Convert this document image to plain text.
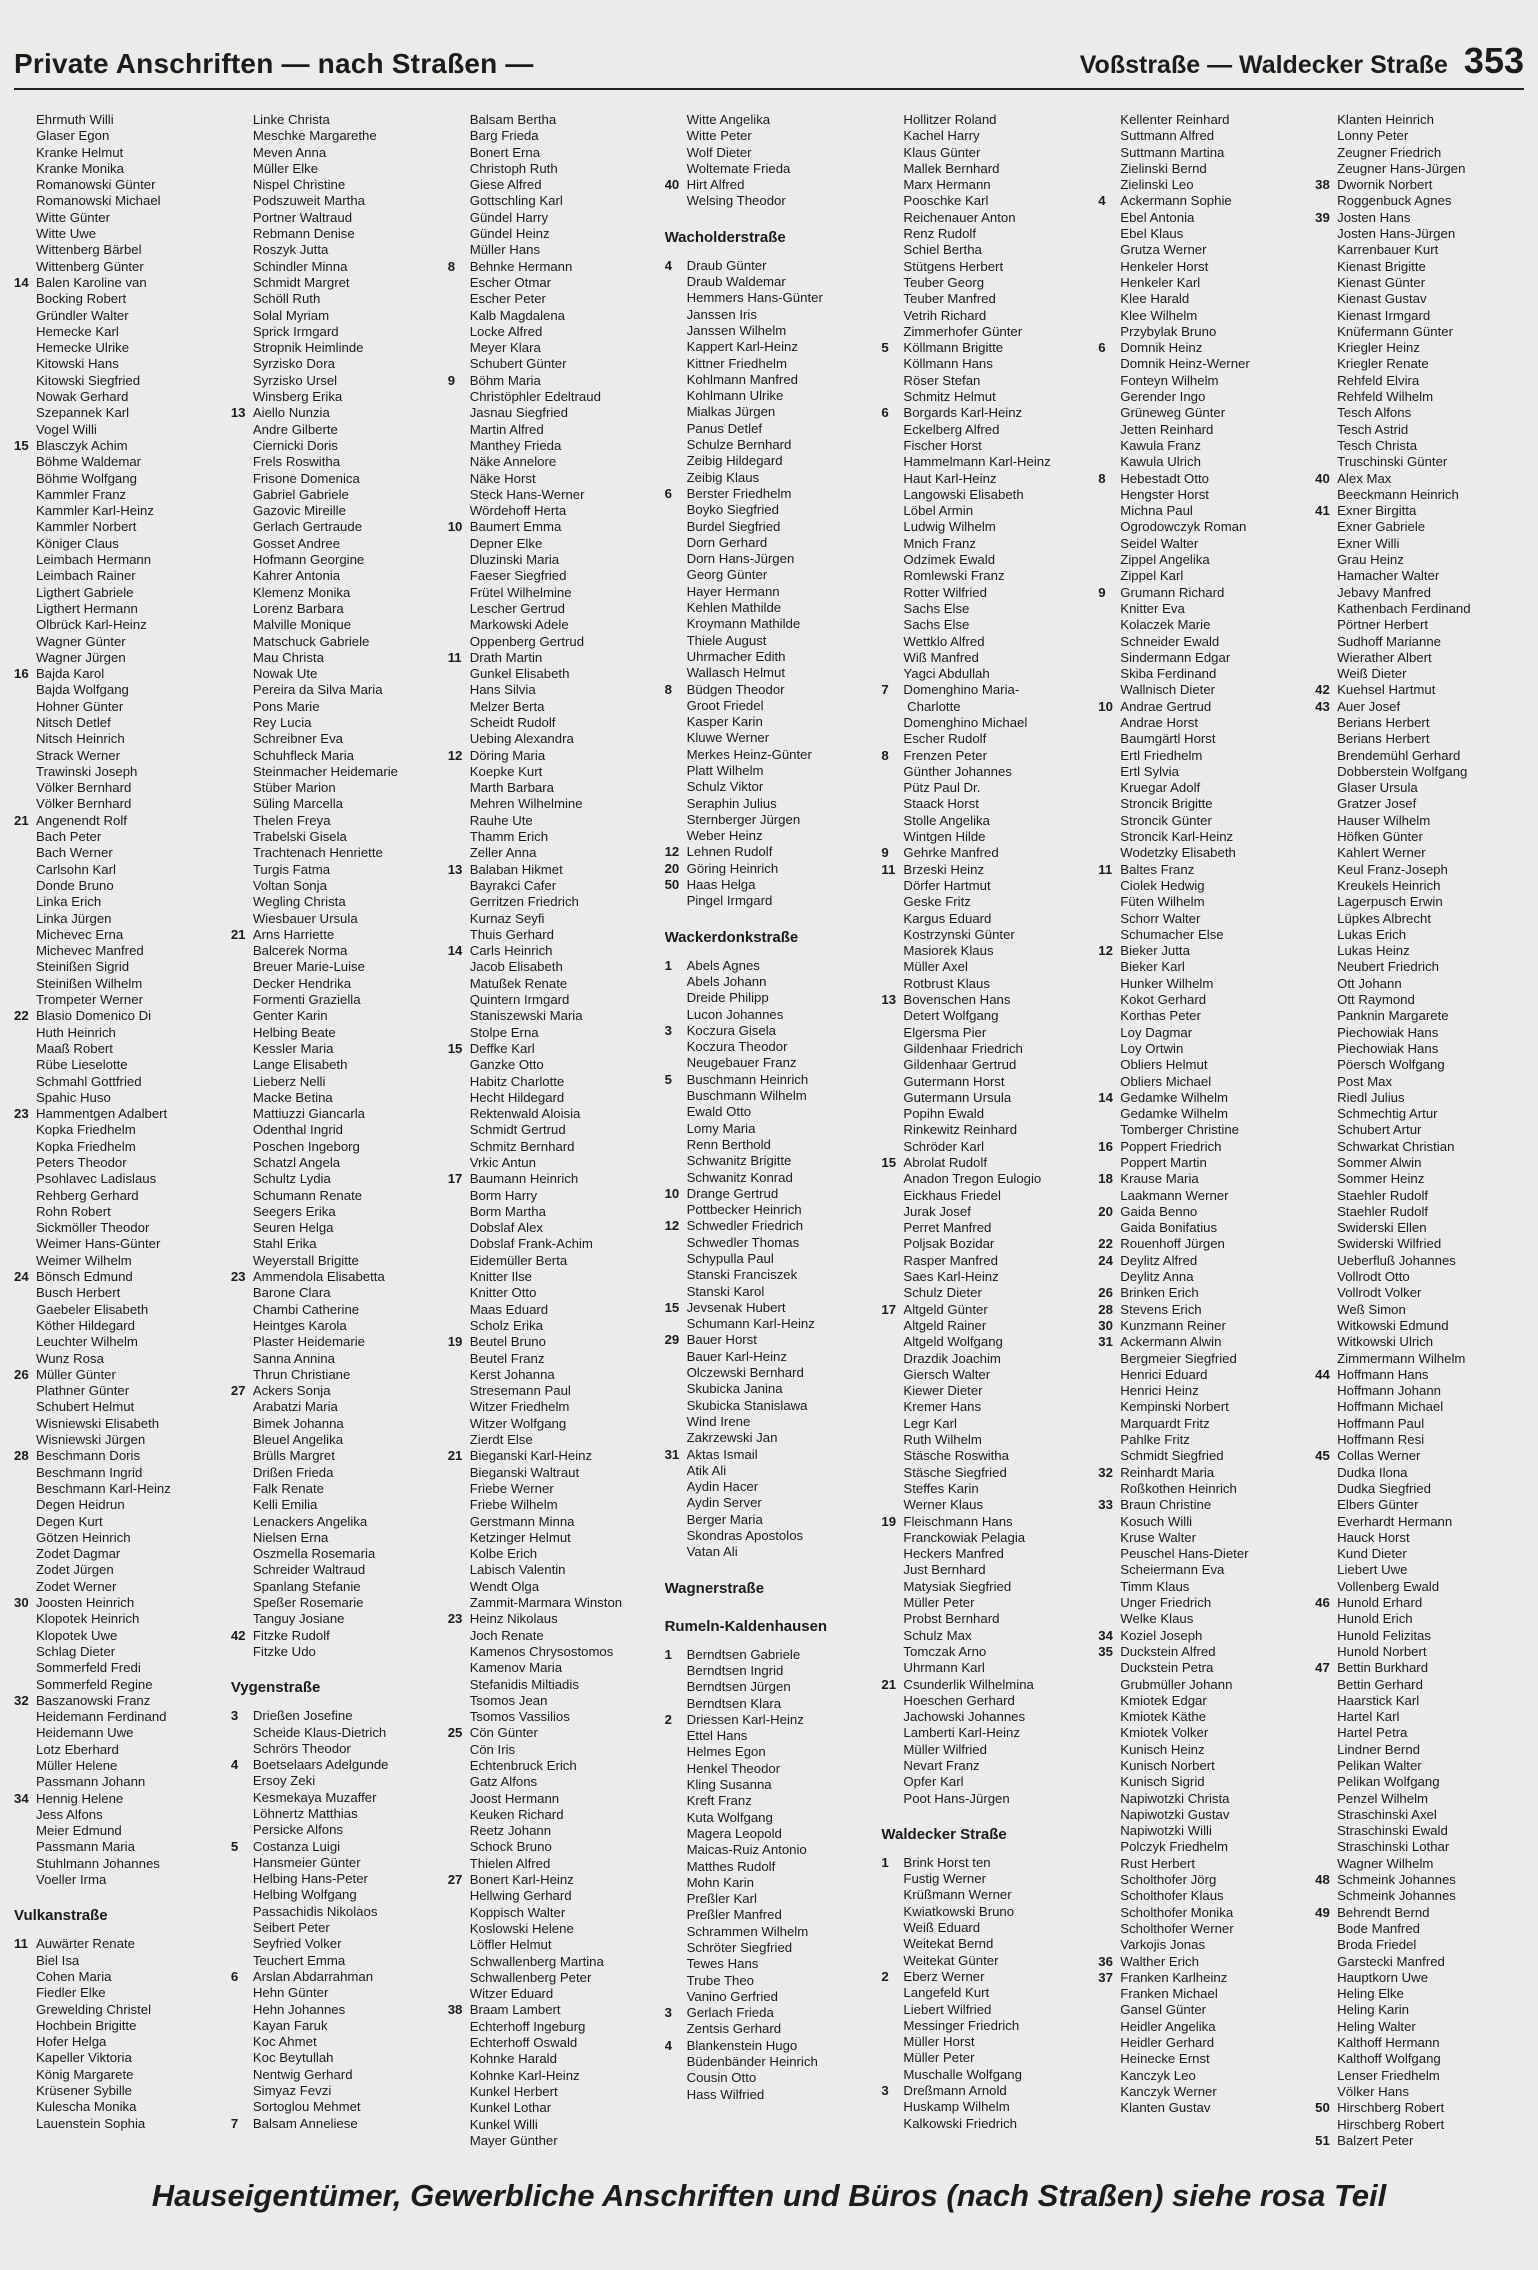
Private Anschriften — nach Straßen —	Voßstraße — Waldecker Straße 353
Ehrmuth Willi
Glaser Egon
Kranke Helmut
Kranke Monika
Romanowski Günter
Romanowski Michael
Witte Günter
Witte Uwe
Wittenberg Bärbel
Wittenberg Günter
14 Balen Karoline van
Bocking Robert
Gründler Walter
Hemecke Karl
Hemecke Ulrike
Kitowski Hans
Kitowski Siegfried
Nowak Gerhard
Szepannek Karl
Vogel Willi
15 Blasczyk Achim
Böhme Waldemar
Böhme Wolfgang
Kammler Franz
Kammler Karl-Heinz
Kammler Norbert
Königer Claus
Leimbach Hermann
Leimbach Rainer
Ligthert Gabriele
Ligthert Hermann
Olbrück Karl-Heinz
Wagner Günter
Wagner Jürgen
16 Bajda Karol
Bajda Wolfgang
Hohner Günter
Nitsch Detlef
Nitsch Heinrich
Strack Werner
Trawinski Joseph
Völker Bernhard
Völker Bernhard
21 Angenendt Rolf
Bach Peter
Bach Werner
Carlsohn Karl
Donde Bruno
Linka Erich
Linka Jürgen
Michevec Erna
Michevec Manfred
Steinißen Sigrid
Steinißen Wilhelm
Trompeter Werner
22 Blasio Domenico Di
Huth Heinrich
Maaß Robert
Rübe Lieselotte
Schmahl Gottfried
Spahic Huso
23 Hammentgen Adalbert
Kopka Friedhelm
Kopka Friedhelm
Peters Theodor
Psohlavec Ladislaus
Rehberg Gerhard
Rohn Robert
Sickmöller Theodor
Weimer Hans-Günter
Weimer Wilhelm
24 Bönsch Edmund
Busch Herbert
Gaebeler Elisabeth
Köther Hildegard
Leuchter Wilhelm
Wunz Rosa
26 Müller Günter
Plathner Günter
Schubert Helmut
Wisniewski Elisabeth
Wisniewski Jürgen
28 Beschmann Doris
Beschmann Ingrid
Beschmann Karl-Heinz
Degen Heidrun
Degen Kurt
Götzen Heinrich
Zodet Dagmar
Zodet Jürgen
Zodet Werner
30 Joosten Heinrich
Klopotek Heinrich
Klopotek Uwe
Schlag Dieter
Sommerfeld Fredi
Sommerfeld Regine
32 Baszanowski Franz
Heidemann Ferdinand
Heidemann Uwe
Lotz Eberhard
Müller Helene
Passmann Johann
34 Hennig Helene
Jess Alfons
Meier Edmund
Passmann Maria
Stuhlmann Johannes
Voeller Irma
Vulkanstraße
11 Auwärter Renate
Biel Isa
Cohen Maria
Fiedler Elke
Grewelding Christel
Hochbein Brigitte
Hofer Helga
Kapeller Viktoria
König Margarete
Krüsener Sybille
Kulescha Monika
Lauenstein Sophia
Linke Christa
Meschke Margarethe
Meven Anna
Müller Elke
Nispel Christine
Podszuweit Martha
Portner Waltraud
Rebmann Denise
Roszyk Jutta
Schindler Minna
Schmidt Margret
Schöll Ruth
Solal Myriam
Sprick Irmgard
Stropnik Heimlinde
Syrzisko Dora
Syrzisko Ursel
Winsberg Erika
13 Aiello Nunzia
Andre Gilberte
Ciernicki Doris
Frels Roswitha
Frisone Domenica
Gabriel Gabriele
Gazovic Mireille
Gerlach Gertraude
Gosset Andree
Hofmann Georgine
Kahrer Antonia
Klemenz Monika
Lorenz Barbara
Malville Monique
Matschuck Gabriele
Mau Christa
Nowak Ute
Pereira da Silva Maria
Pons Marie
Rey Lucia
Schreibner Eva
Schuhfleck Maria
Steinmacher Heidemarie
Stüber Marion
Süling Marcella
Thelen Freya
Trabelski Gisela
Trachtenach Henriette
Turgis Fatma
Voltan Sonja
Wegling Christa
Wiesbauer Ursula
21 Arns Harriette
Balcerek Norma
Breuer Marie-Luise
Decker Hendrika
Formenti Graziella
Genter Karin
Helbing Beate
Kessler Maria
Lange Elisabeth
Lieberz Nelli
Macke Betina
Mattiuzzi Giancarla
Odenthal Ingrid
Poschen Ingeborg
Schatzl Angela
Schultz Lydia
Schumann Renate
Seegers Erika
Seuren Helga
Stahl Erika
Weyerstall Brigitte
23 Ammendola Elisabetta
Barone Clara
Chambi Catherine
Heintges Karola
Plaster Heidemarie
Sanna Annina
Thrun Christiane
27 Ackers Sonja
Arabatzi Maria
Bimek Johanna
Bleuel Angelika
Brülls Margret
Drißen Frieda
Falk Renate
Kelli Emilia
Lenackers Angelika
Nielsen Erna
Oszmella Rosemaria
Schreider Waltraud
Spanlang Stefanie
Speßer Rosemarie
Tanguy Josiane
42 Fitzke Rudolf
Fitzke Udo
Vygenstraße
3 Drießen Josefine
Scheide Klaus-Dietrich
Schrörs Theodor
4 Boetselaars Adelgunde
Ersoy Zeki
Kesmekaya Muzaffer
Löhnertz Matthias
Persicke Alfons
5 Costanza Luigi
Hansmeier Günter
Helbing Hans-Peter
Helbing Wolfgang
Passachidis Nikolaos
Seibert Peter
Seyfried Volker
Teuchert Emma
6 Arslan Abdarrahman
Hehn Günter
Hehn Johannes
Kayan Faruk
Koc Ahmet
Koc Beytullah
Nentwig Gerhard
Simyaz Fevzi
Sortoglou Mehmet
7 Balsam Anneliese
Balsam Bertha
Barg Frieda
Bonert Erna
Christoph Ruth
Giese Alfred
Gottschling Karl
Gündel Harry
Gündel Heinz
Müller Hans
8 Behnke Hermann
Escher Otmar
Escher Peter
Kalb Magdalena
Locke Alfred
Meyer Klara
Schubert Günter
9 Böhm Maria
Christöphler Edeltraud
Jasnau Siegfried
Martin Alfred
Manthey Frieda
Näke Annelore
Näke Horst
Steck Hans-Werner
Wördehoff Herta
10 Baumert Emma
Depner Elke
Dluzinski Maria
Faeser Siegfried
Frütel Wilhelmine
Lescher Gertrud
Markowski Adele
Oppenberg Gertrud
11 Drath Martin
Gunkel Elisabeth
Hans Silvia
Melzer Berta
Scheidt Rudolf
Uebing Alexandra
12 Döring Maria
Koepke Kurt
Marth Barbara
Mehren Wilhelmine
Rauhe Ute
Thamm Erich
Zeller Anna
13 Balaban Hikmet
Bayrakci Cafer
Gerritzen Friedrich
Kurnaz Seyfi
Thuis Gerhard
14 Carls Heinrich
Jacob Elisabeth
Matußek Renate
Quintern Irmgard
Staniszewski Maria
Stolpe Erna
15 Deffke Karl
Ganzke Otto
Habitz Charlotte
Hecht Hildegard
Rektenwald Aloisia
Schmidt Gertrud
Schmitz Bernhard
Vrkic Antun
17 Baumann Heinrich
Borm Harry
Borm Martha
Dobslaf Alex
Dobslaf Frank-Achim
Eidemüller Berta
Knitter Ilse
Knitter Otto
Maas Eduard
Scholz Erika
19 Beutel Bruno
Beutel Franz
Kerst Johanna
Stresemann Paul
Witzer Friedhelm
Witzer Wolfgang
Zierdt Else
21 Bieganski Karl-Heinz
Bieganski Waltraut
Friebe Werner
Friebe Wilhelm
Gerstmann Minna
Ketzinger Helmut
Kolbe Erich
Labisch Valentin
Wendt Olga
Zammit-Marmara Winston
23 Heinz Nikolaus
Joch Renate
Kamenos Chrysostomos
Kamenov Maria
Stefanidis Miltiadis
Tsomos Jean
Tsomos Vassilios
25 Cön Günter
Cön Iris
Echtenbruck Erich
Gatz Alfons
Joost Hermann
Keuken Richard
Reetz Johann
Schock Bruno
Thielen Alfred
27 Bonert Karl-Heinz
Hellwing Gerhard
Koppisch Walter
Koslowski Helene
Löffler Helmut
Schwallenberg Martina
Schwallenberg Peter
Witzer Eduard
38 Braam Lambert
Echterhoff Ingeburg
Echterhoff Oswald
Kohnke Harald
Kohnke Karl-Heinz
Kunkel Herbert
Kunkel Lothar
Kunkel Willi
Mayer Günther
Witte Angelika
Witte Peter
Wolf Dieter
Woltemate Frieda
40 Hirt Alfred
Welsing Theodor
Wacholderstraße
4 Draub Günter
Draub Waldemar
Hemmers Hans-Günter
Janssen Iris
Janssen Wilhelm
Kappert Karl-Heinz
Kittner Friedhelm
Kohlmann Manfred
Kohlmann Ulrike
Mialkas Jürgen
Panus Detlef
Schulze Bernhard
Zeibig Hildegard
Zeibig Klaus
6 Berster Friedhelm
Boyko Siegfried
Burdel Siegfried
Dorn Gerhard
Dorn Hans-Jürgen
Georg Günter
Hayer Hermann
Kehlen Mathilde
Kroymann Mathilde
Thiele August
Uhrmacher Edith
Wallasch Helmut
8 Büdgen Theodor
Groot Friedel
Kasper Karin
Kluwe Werner
Merkes Heinz-Günter
Platt Wilhelm
Schulz Viktor
Seraphin Julius
Sternberger Jürgen
Weber Heinz
12 Lehnen Rudolf
20 Göring Heinrich
50 Haas Helga
Pingel Irmgard
Wackerdonkstraße
1 Abels Agnes
Abels Johann
Dreide Philipp
Lucon Johannes
3 Koczura Gisela
Koczura Theodor
Neugebauer Franz
5 Buschmann Heinrich
Buschmann Wilhelm
Ewald Otto
Lomy Maria
Renn Berthold
Schwanitz Brigitte
Schwanitz Konrad
10 Drange Gertrud
Pottbecker Heinrich
12 Schwedler Friedrich
Schwedler Thomas
Schypulla Paul
Stanski Franciszek
Stanski Karol
15 Jevsenak Hubert
Schumann Karl-Heinz
29 Bauer Horst
Bauer Karl-Heinz
Olczewski Bernhard
Skubicka Janina
Skubicka Stanislawa
Wind Irene
Zakrzewski Jan
31 Aktas Ismail
Atik Ali
Aydin Hacer
Aydin Server
Berger Maria
Skondras Apostolos
Vatan Ali
Wagnerstraße
Rumeln-Kaldenhausen
1 Berndtsen Gabriele
Berndtsen Ingrid
Berndtsen Jürgen
Berndtsen Klara
2 Driessen Karl-Heinz
Ettel Hans
Helmes Egon
Henkel Theodor
Kling Susanna
Kreft Franz
Kuta Wolfgang
Magera Leopold
Maicas-Ruiz Antonio
Matthes Rudolf
Mohn Karin
Preßler Karl
Preßler Manfred
Schrammen Wilhelm
Schröter Siegfried
Tewes Hans
Trube Theo
Vanino Gerfried
3 Gerlach Frieda
Zentsis Gerhard
4 Blankenstein Hugo
Büdenbänder Heinrich
Cousin Otto
Hass Wilfried
Hollitzer Roland
Kachel Harry
Klaus Günter
Mallek Bernhard
Marx Hermann
Pooschke Karl
Reichenauer Anton
Renz Rudolf
Schiel Bertha
Stütgens Herbert
Teuber Georg
Teuber Manfred
Vetrih Richard
Zimmerhofer Günter
5 Köllmann Brigitte
Köllmann Hans
Röser Stefan
Schmitz Helmut
6 Borgards Karl-Heinz
Eckelberg Alfred
Fischer Horst
Hammelmann Karl-Heinz
Haut Karl-Heinz
Langowski Elisabeth
Löbel Armin
Ludwig Wilhelm
Mnich Franz
Odzimek Ewald
Romlewski Franz
Rotter Wilfried
Sachs Else
Sachs Else
Wettklo Alfred
Wiß Manfred
Yagci Abdullah
7 Domenghino Maria-
Charlotte
Domenghino Michael
Escher Rudolf
8 Frenzen Peter
Günther Johannes
Pütz Paul Dr.
Staack Horst
Stolle Angelika
Wintgen Hilde
9 Gehrke Manfred
11 Brzeski Heinz
Dörfer Hartmut
Geske Fritz
Kargus Eduard
Kostrzynski Günter
Masiorek Klaus
Müller Axel
Rotbrust Klaus
13 Bovenschen Hans
Detert Wolfgang
Elgersma Pier
Gildenhaar Friedrich
Gildenhaar Gertrud
Gutermann Horst
Gutermann Ursula
Popihn Ewald
Rinkewitz Reinhard
Schröder Karl
15 Abrolat Rudolf
Anadon Tregon Eulogio
Eickhaus Friedel
Jurak Josef
Perret Manfred
Poljsak Bozidar
Rasper Manfred
Saes Karl-Heinz
Schulz Dieter
17 Altgeld Günter
Altgeld Rainer
Altgeld Wolfgang
Drazdik Joachim
Giersch Walter
Kiewer Dieter
Kremer Hans
Legr Karl
Ruth Wilhelm
Stäsche Roswitha
Stäsche Siegfried
Steffes Karin
Werner Klaus
19 Fleischmann Hans
Franckowiak Pelagia
Heckers Manfred
Just Bernhard
Matysiak Siegfried
Müller Peter
Probst Bernhard
Schulz Max
Tomczak Arno
Uhrmann Karl
21 Csunderlik Wilhelmina
Hoeschen Gerhard
Jachowski Johannes
Lamberti Karl-Heinz
Müller Wilfried
Nevart Franz
Opfer Karl
Poot Hans-Jürgen
Waldecker Straße
1 Brink Horst ten
Fustig Werner
Krüßmann Werner
Kwiatkowski Bruno
Weiß Eduard
Weitekat Bernd
Weitekat Günter
2 Eberz Werner
Langefeld Kurt
Liebert Wilfried
Messinger Friedrich
Müller Horst
Müller Peter
Muschalle Wolfgang
3 Dreßmann Arnold
Huskamp Wilhelm
Kalkowski Friedrich
Kellenter Reinhard
Suttmann Alfred
Suttmann Martina
Zielinski Bernd
Zielinski Leo
4 Ackermann Sophie
Ebel Antonia
Ebel Klaus
Grutza Werner
Henkeler Horst
Henkeler Karl
Klee Harald
Klee Wilhelm
Przybylak Bruno
6 Domnik Heinz
Domnik Heinz-Werner
Fonteyn Wilhelm
Gerender Ingo
Grüneweg Günter
Jetten Reinhard
Kawula Franz
Kawula Ulrich
8 Hebestadt Otto
Hengster Horst
Michna Paul
Ogrodowczyk Roman
Seidel Walter
Zippel Angelika
Zippel Karl
9 Grumann Richard
Knitter Eva
Kolaczek Marie
Schneider Ewald
Sindermann Edgar
Skiba Ferdinand
Wallnisch Dieter
10 Andrae Gertrud
Andrae Horst
Baumgärtl Horst
Ertl Friedhelm
Ertl Sylvia
Kruegar Adolf
Stroncik Brigitte
Stroncik Günter
Stroncik Karl-Heinz
Wodetzky Elisabeth
11 Baltes Franz
Ciolek Hedwig
Füten Wilhelm
Schorr Walter
Schumacher Else
12 Bieker Jutta
Bieker Karl
Hunker Wilhelm
Kokot Gerhard
Korthas Peter
Loy Dagmar
Loy Ortwin
Obliers Helmut
Obliers Michael
14 Gedamke Wilhelm
Gedamke Wilhelm
Tomberger Christine
16 Poppert Friedrich
Poppert Martin
18 Krause Maria
Laakmann Werner
20 Gaida Benno
Gaida Bonifatius
22 Rouenhoff Jürgen
24 Deylitz Alfred
Deylitz Anna
26 Brinken Erich
28 Stevens Erich
30 Kunzmann Reiner
31 Ackermann Alwin
Bergmeier Siegfried
Henrici Eduard
Henrici Heinz
Kempinski Norbert
Marquardt Fritz
Pahlke Fritz
Schmidt Siegfried
32 Reinhardt Maria
Roßkothen Heinrich
33 Braun Christine
Kosuch Willi
Kruse Walter
Peuschel Hans-Dieter
Scheiermann Eva
Timm Klaus
Unger Friedrich
Welke Klaus
34 Koziel Joseph
35 Duckstein Alfred
Duckstein Petra
Grubmüller Johann
Kmiotek Edgar
Kmiotek Käthe
Kmiotek Volker
Kunisch Heinz
Kunisch Norbert
Kunisch Sigrid
Napiwotzki Christa
Napiwotzki Gustav
Napiwotzki Willi
Polczyk Friedhelm
Rust Herbert
Scholthofer Jörg
Scholthofer Klaus
Scholthofer Monika
Scholthofer Werner
Varkojis Jonas
36 Walther Erich
37 Franken Karlheinz
Franken Michael
Gansel Günter
Heidler Angelika
Heidler Gerhard
Heinecke Ernst
Kanczyk Leo
Kanczyk Werner
Klanten Gustav
Klanten Heinrich
Lonny Peter
Zeugner Friedrich
Zeugner Hans-Jürgen
38 Dwornik Norbert
Roggenbuck Agnes
39 Josten Hans
Josten Hans-Jürgen
Karrenbauer Kurt
Kienast Brigitte
Kienast Günter
Kienast Gustav
Kienast Irmgard
Knüfermann Günter
Kriegler Heinz
Kriegler Renate
Rehfeld Elvira
Rehfeld Wilhelm
Tesch Alfons
Tesch Astrid
Tesch Christa
Truschinski Günter
40 Alex Max
Beeckmann Heinrich
41 Exner Birgitta
Exner Gabriele
Exner Willi
Grau Heinz
Hamacher Walter
Jebavy Manfred
Kathenbach Ferdinand
Pörtner Herbert
Sudhoff Marianne
Wierather Albert
Weiß Dieter
42 Kuehsel Hartmut
43 Auer Josef
Berians Herbert
Berians Herbert
Brendemühl Gerhard
Dobberstein Wolfgang
Glaser Ursula
Gratzer Josef
Hauser Wilhelm
Höfken Günter
Kahlert Werner
Keul Franz-Joseph
Kreukels Heinrich
Lagerpusch Erwin
Lüpkes Albrecht
Lukas Erich
Lukas Heinz
Neubert Friedrich
Ott Johann
Ott Raymond
Panknin Margarete
Piechowiak Hans
Piechowiak Hans
Pöersch Wolfgang
Post Max
Riedl Julius
Schmechtig Artur
Schubert Artur
Schwarkat Christian
Sommer Alwin
Sommer Heinz
Staehler Rudolf
Staehler Rudolf
Swiderski Ellen
Swiderski Wilfried
Ueberfluß Johannes
Vollrodt Otto
Vollrodt Volker
Weß Simon
Witkowski Edmund
Witkowski Ulrich
Zimmermann Wilhelm
44 Hoffmann Hans
Hoffmann Johann
Hoffmann Michael
Hoffmann Paul
Hoffmann Resi
45 Collas Werner
Dudka Ilona
Dudka Siegfried
Elbers Günter
Everhardt Hermann
Hauck Horst
Kund Dieter
Liebert Uwe
Vollenberg Ewald
46 Hunold Erhard
Hunold Erich
Hunold Felizitas
Hunold Norbert
47 Bettin Burkhard
Bettin Gerhard
Haarstick Karl
Hartel Karl
Hartel Petra
Lindner Bernd
Pelikan Walter
Pelikan Wolfgang
Penzel Wilhelm
Straschinski Axel
Straschinski Ewald
Straschinski Lothar
Wagner Wilhelm
48 Schmeink Johannes
Schmeink Johannes
49 Behrendt Bernd
Bode Manfred
Broda Friedel
Garstecki Manfred
Hauptkorn Uwe
Heling Elke
Heling Karin
Heling Walter
Kalthoff Hermann
Kalthoff Wolfgang
Lenser Friedhelm
Völker Hans
50 Hirschberg Robert
Hirschberg Robert
51 Balzert Peter
Hauseigentümer, Gewerbliche Anschriften und Büros (nach Straßen) siehe rosa Teil
